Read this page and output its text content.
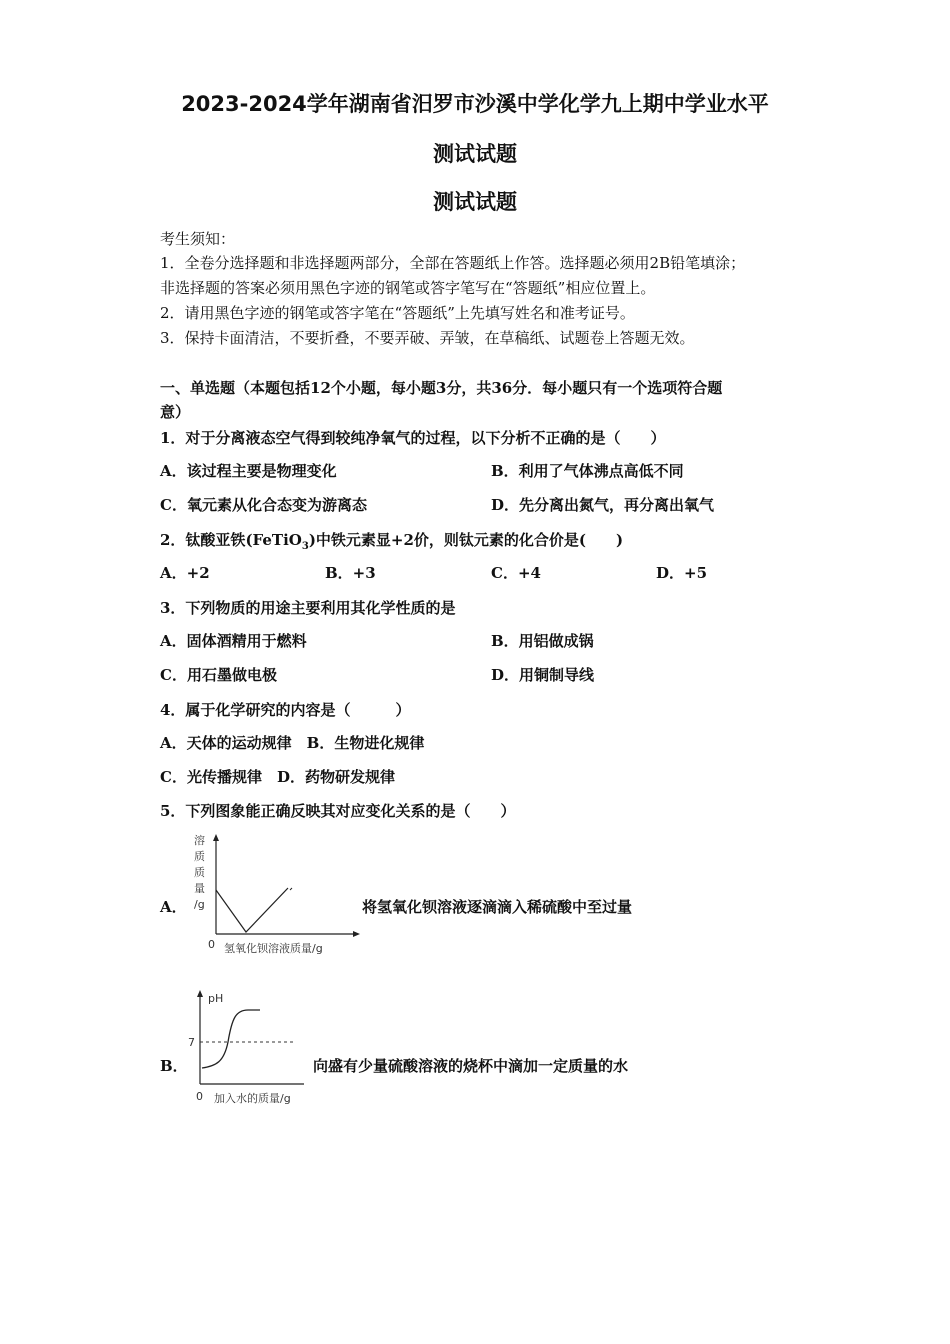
2023-2024学年湖南省汨罗市沙溪中学化学九上期中学业水平
测试试题
测试试题
考生须知：
1．全卷分选择题和非选择题两部分，全部在答题纸上作答。选择题必须用2B铅笔填涂；
非选择题的答案必须用黑色字迹的钢笔或答字笔写在“答题纸”相应位置上。
2．请用黑色字迹的钢笔或答字笔在“答题纸”上先填写姓名和准考证号。
3．保持卡面清洁，不要折叠，不要弄破、弄皱，在草稿纸、试题卷上答题无效。
一、单选题（本题包括12个小题，每小题3分，共36分．每小题只有一个选项符合题
意）
1．对于分离液态空气得到较纯净氧气的过程，以下分析不正确的是（　　）
A．该过程主要是物理变化	B．利用了气体沸点高低不同
C．氧元素从化合态变为游离态	D．先分离出氮气，再分离出氧气
2．钛酸亚铁(FeTiO$_3$)中铁元素显+2价，则钛元素的化合价是(　　)
A．+2	B．+3	C．+4	D．+5
3．下列物质的用途主要利用其化学性质的是
A．固体酒精用于燃料	B．用铝做成锅
C．用石墨做电极	D．用铜制导线
4．属于化学研究的内容是（　　　）
A．天体的运动规律　B．生物进化规律
C．光传播规律　D．药物研发规律
5．下列图象能正确反映其对应变化关系的是（　　）
A．
溶
质
质
量
/g
0 氢氧化钡溶液质量/g
将氢氧化钡溶液逐滴滴入稀硫酸中至过量
B．
pH
7
0 加入水的质量/g
向盛有少量硫酸溶液的烧杯中滴加一定质量的水
